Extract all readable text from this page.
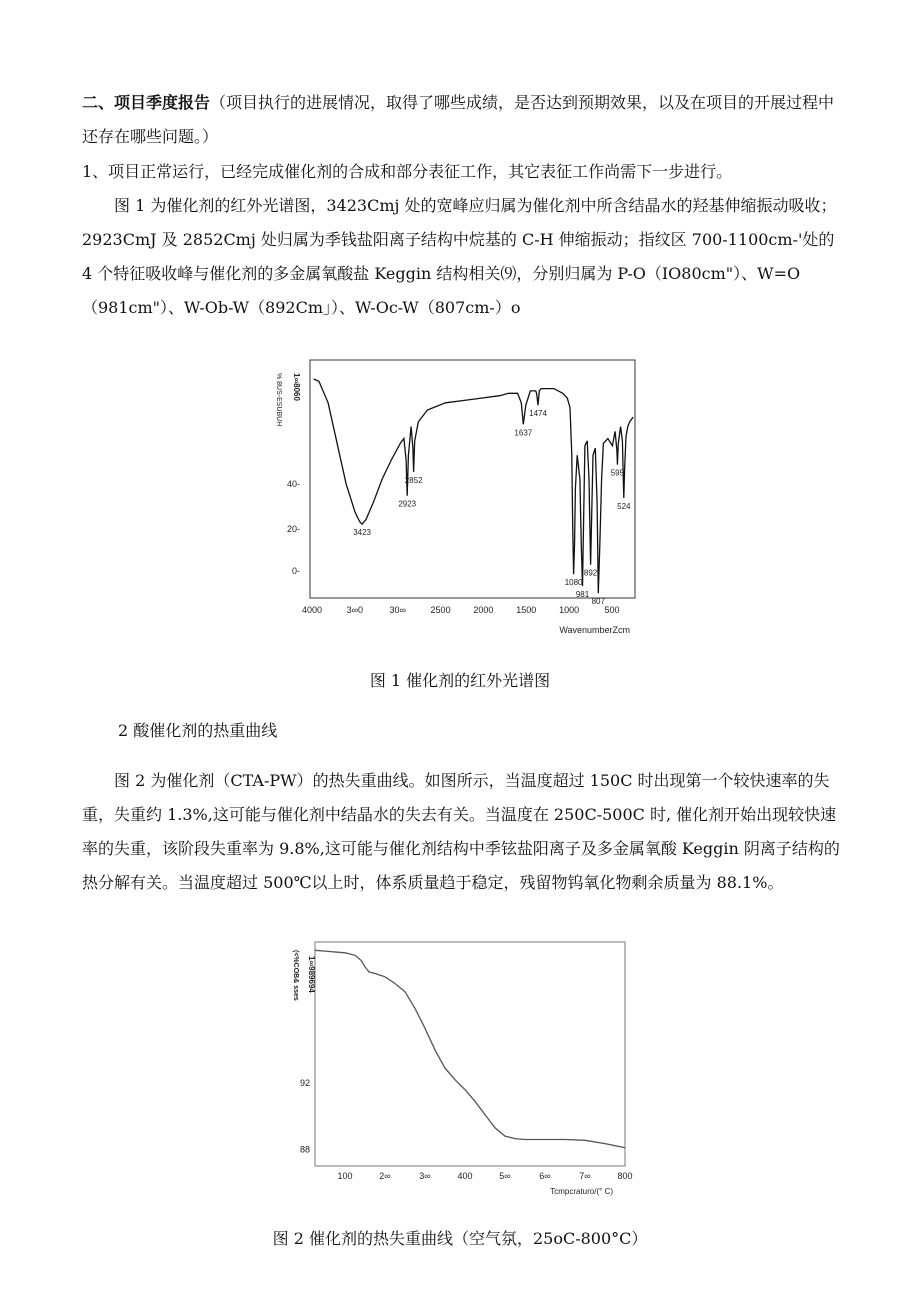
二、项目季度报告（项目执行的进展情况，取得了哪些成绩，是否达到预期效果，以及在项目的开展过程中还存在哪些问题。）

1、项目正常运行，已经完成催化剂的合成和部分表征工作，其它表征工作尚需下一步进行。

图 1 为催化剂的红外光谱图，3423Cmj 处的宽峰应归属为催化剂中所含结晶水的羟基伸缩振动吸收；2923CmJ 及 2852Cmj 处归属为季钱盐阳离子结构中烷基的 C-H 伸缩振动；指纹区 700-1100cm-'处的 4 个特征吸收峰与催化剂的多金属氧酸盐 Keggin 结构相关⑼，分别归属为 P-O（IO80cm"）、W=O（981cm"）、W-Ob-W（892Cm」）、W-Oc-W（807cm-）o

4000	3∞0	30∞	2500	2000	1500	1000	500
40-
20-
0-
WavenumberZcm
1∞8060
% 8US-ESUBUH
3423
2923
2852
1637
1474
1080
981
892
807
595
524
图 1 催化剂的红外光谱图
2 酸催化剂的热重曲线

图 2 为催化剂（CTA-PW）的热失重曲线。如图所示，当温度超过 150C 时出现第一个较快速率的失重，失重约 1.3%,这可能与催化剂中结晶水的失去有关。当温度在 250C-500C 时, 催化剂开始出现较快速率的失重，该阶段失重率为 9.8%,这可能与催化剂结构中季铉盐阳离子及多金属氧酸 Keggin 阴离子结构的热分解有关。当温度超过 500℃以上时，体系质量趋于稳定，残留物钨氧化物剩余质量为 88.1%。

100	2∞	3∞	400	5∞	6∞	7∞	800
92
88
Tcmpcraturo/(° C)
1∞989694
(<%COB& sses
图 2 催化剂的热失重曲线（空气氛，25oC-800°C）
